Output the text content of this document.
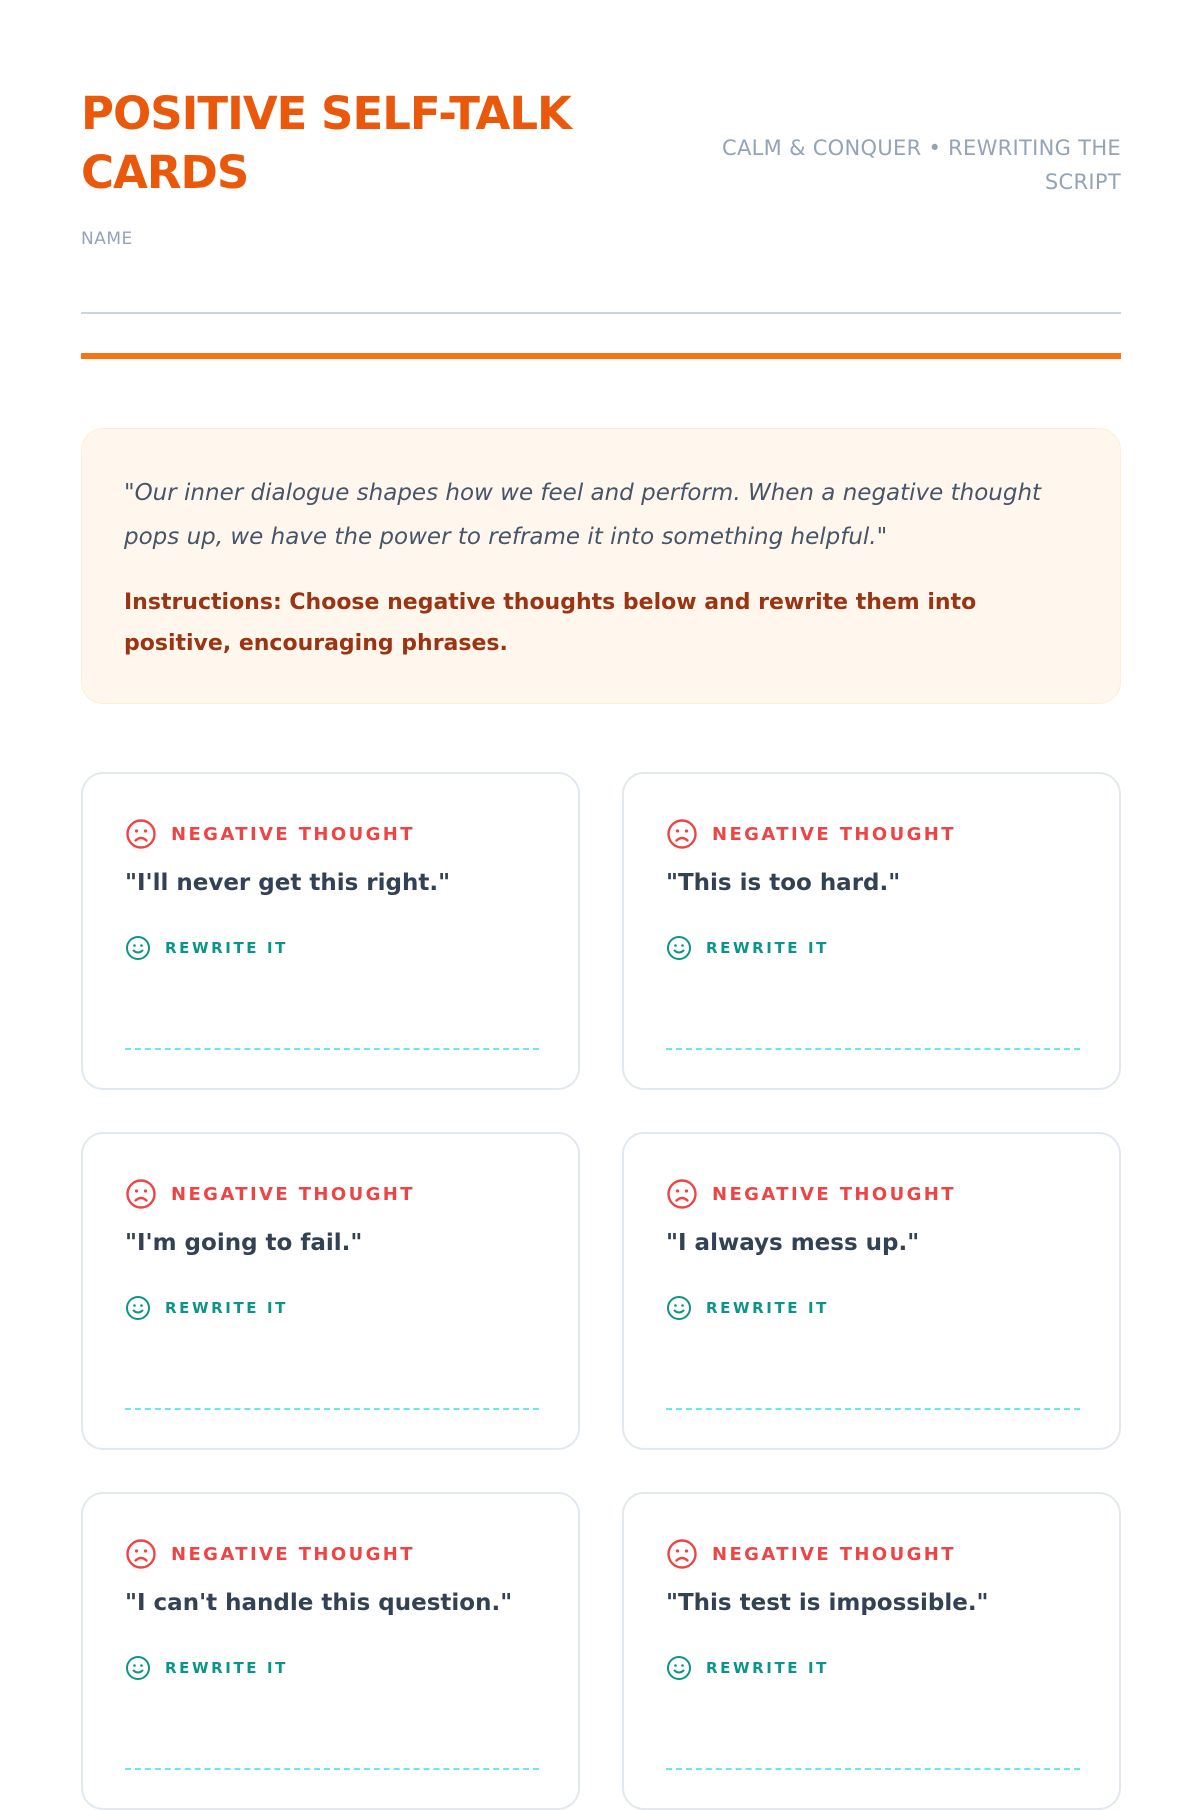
POSITIVE SELF-TALK CARDS	CALM & CONQUER • REWRITING THE SCRIPT
NAME
"Our inner dialogue shapes how we feel and perform. When a negative thought pops up, we have the power to reframe it into something helpful."
Instructions: Choose negative thoughts below and rewrite them into positive, encouraging phrases.
NEGATIVE THOUGHT
"I'll never get this right."
REWRITE IT
NEGATIVE THOUGHT
"This is too hard."
REWRITE IT
NEGATIVE THOUGHT
"I'm going to fail."
REWRITE IT
NEGATIVE THOUGHT
"I always mess up."
REWRITE IT
NEGATIVE THOUGHT
"I can't handle this question."
REWRITE IT
NEGATIVE THOUGHT
"This test is impossible."
REWRITE IT
